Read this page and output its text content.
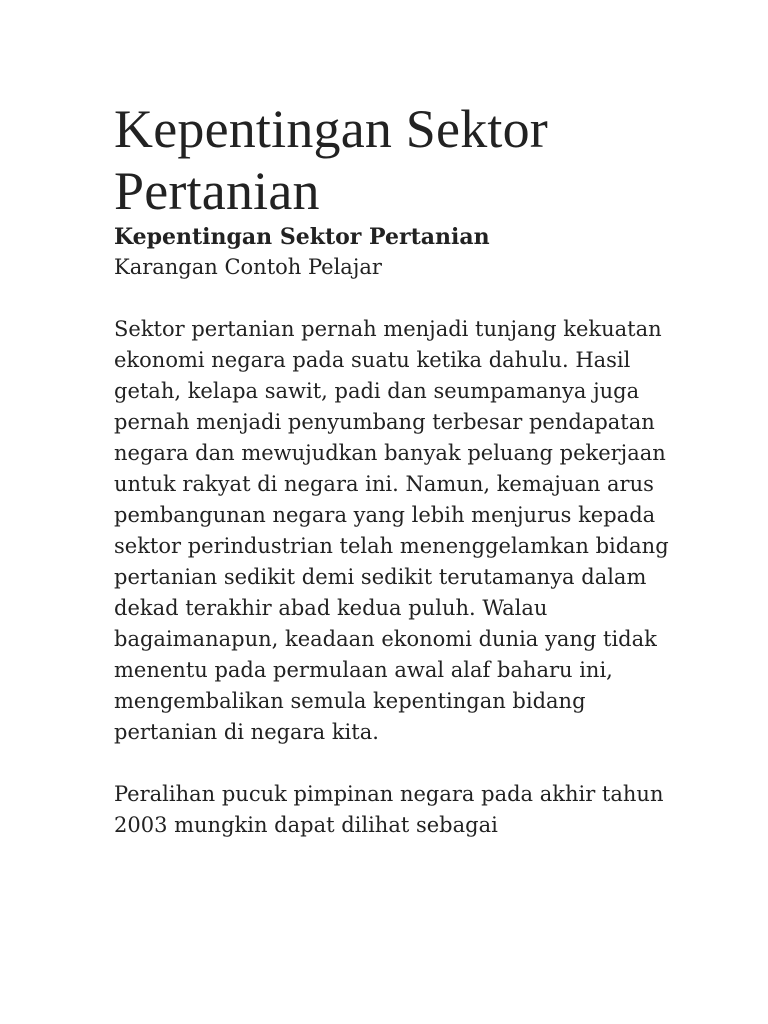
Kepentingan Sektor Pertanian

Kepentingan Sektor Pertanian

Karangan Contoh Pelajar

Sektor pertanian pernah menjadi tunjang kekuatan ekonomi negara pada suatu ketika dahulu. Hasil getah, kelapa sawit, padi dan seumpamanya juga pernah menjadi penyumbang terbesar pendapatan negara dan mewujudkan banyak peluang pekerjaan untuk rakyat di negara ini. Namun, kemajuan arus pembangunan negara yang lebih menjurus kepada sektor perindustrian telah menenggelamkan bidang pertanian sedikit demi sedikit terutamanya dalam dekad terakhir abad kedua puluh. Walau bagaimanapun, keadaan ekonomi dunia yang tidak menentu pada permulaan awal alaf baharu ini, mengembalikan semula kepentingan bidang pertanian di negara kita.

Peralihan pucuk pimpinan negara pada akhir tahun 2003 mungkin dapat dilihat sebagai
